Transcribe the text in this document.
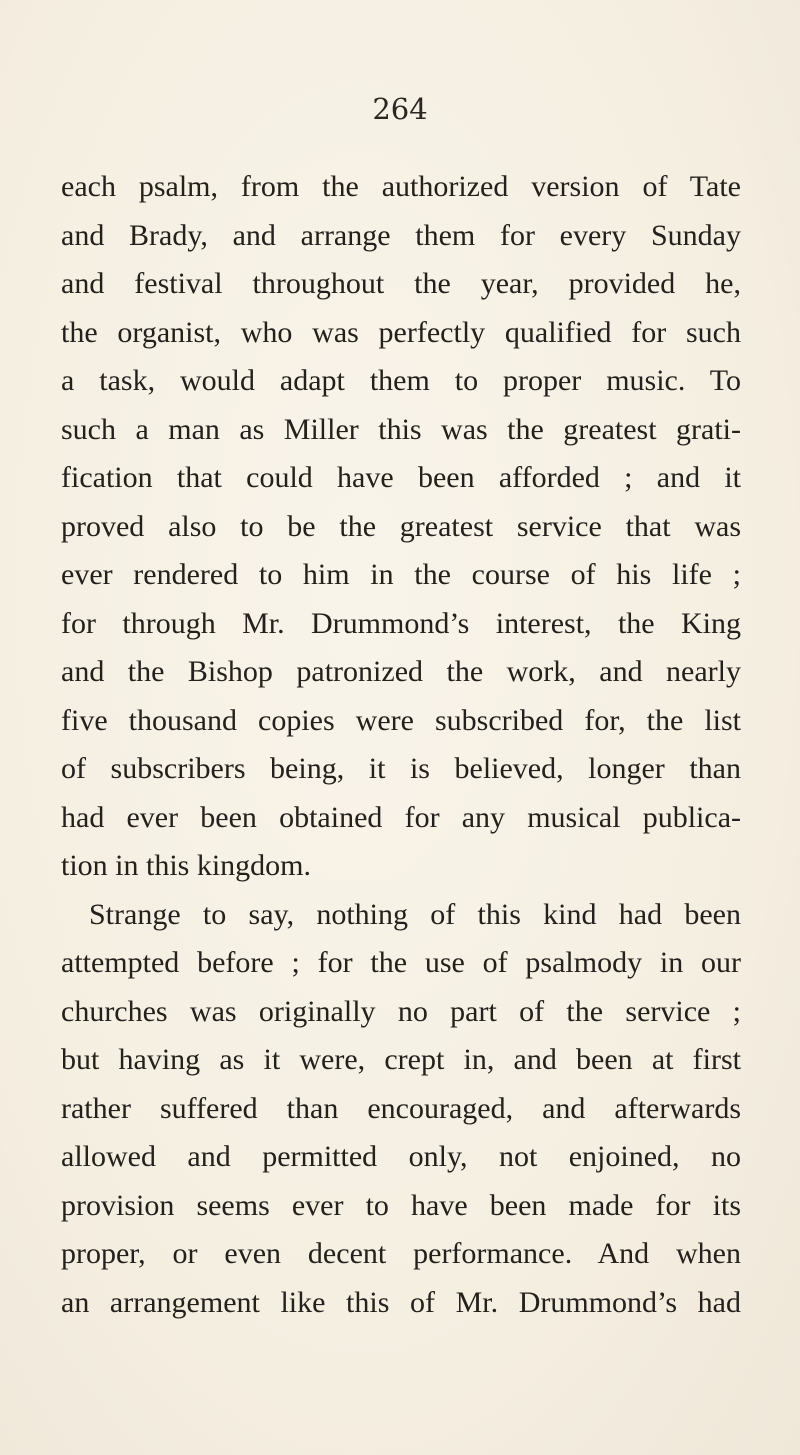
264

each psalm, from the authorized version of Tate
and Brady, and arrange them for every Sunday
and festival throughout the year, provided he,
the organist, who was perfectly qualified for such
a task, would adapt them to proper music. To
such a man as Miller this was the greatest grati-
fication that could have been afforded ; and it
proved also to be the greatest service that was
ever rendered to him in the course of his life ;
for through Mr. Drummond’s interest, the King
and the Bishop patronized the work, and nearly
five thousand copies were subscribed for, the list
of subscribers being, it is believed, longer than
had ever been obtained for any musical publica-
tion in this kingdom.
Strange to say, nothing of this kind had been
attempted before ; for the use of psalmody in our
churches was originally no part of the service ;
but having as it were, crept in, and been at first
rather suffered than encouraged, and afterwards
allowed and permitted only, not enjoined, no
provision seems ever to have been made for its
proper, or even decent performance. And when
an arrangement like this of Mr. Drummond’s had
